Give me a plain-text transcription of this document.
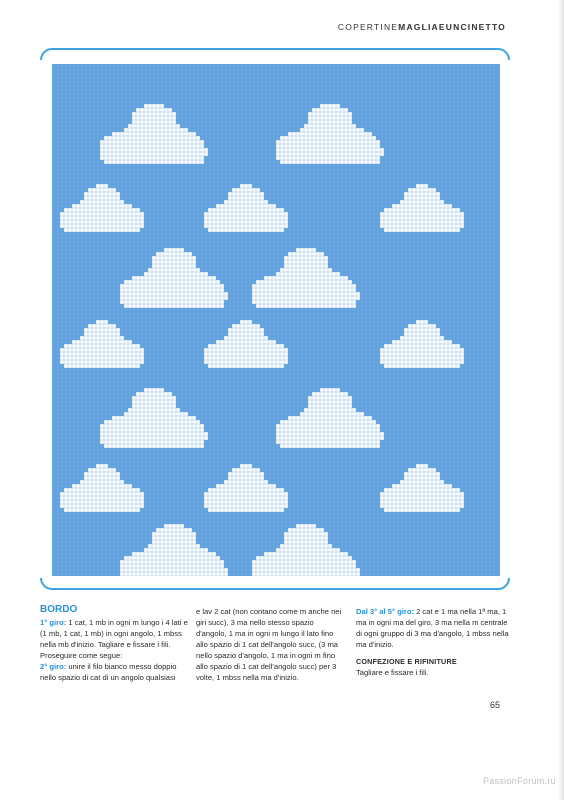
COPERTINEMAGLIAEUNCINETTO
BORDO

1° giro: 1 cat, 1 mb in ogni m lungo i 4 lati e (1 mb, 1 cat, 1 mb) in ogni angolo, 1 mbss nella mb d'inizio. Tagliare e fissare i fili.

Proseguire come segue:

2° giro: unire il filo bianco messo doppio nello spazio di cat di un angolo qualsiasi

e lav 2 cat (non contano come m anche nei giri succ), 3 ma nello stesso spazio d'angolo, 1 ma in ogni m lungo il lato fino allo spazio di 1 cat dell'angolo succ, (3 ma nello spazio d'angolo, 1 ma in ogni m fino allo spazio di 1 cat dell'angolo succ) per 3 volte, 1 mbss nella ma d'inizio.

Dal 3° al 5° giro: 2 cat e 1 ma nella 1ª ma, 1 ma in ogni ma del giro, 3 ma nella m centrale di ogni gruppo di 3 ma d'angolo, 1 mbss nella ma d'inizio.

CONFEZIONE E RIFINITURE

Tagliare e fissare i fili.

65
PassionForum.ru
